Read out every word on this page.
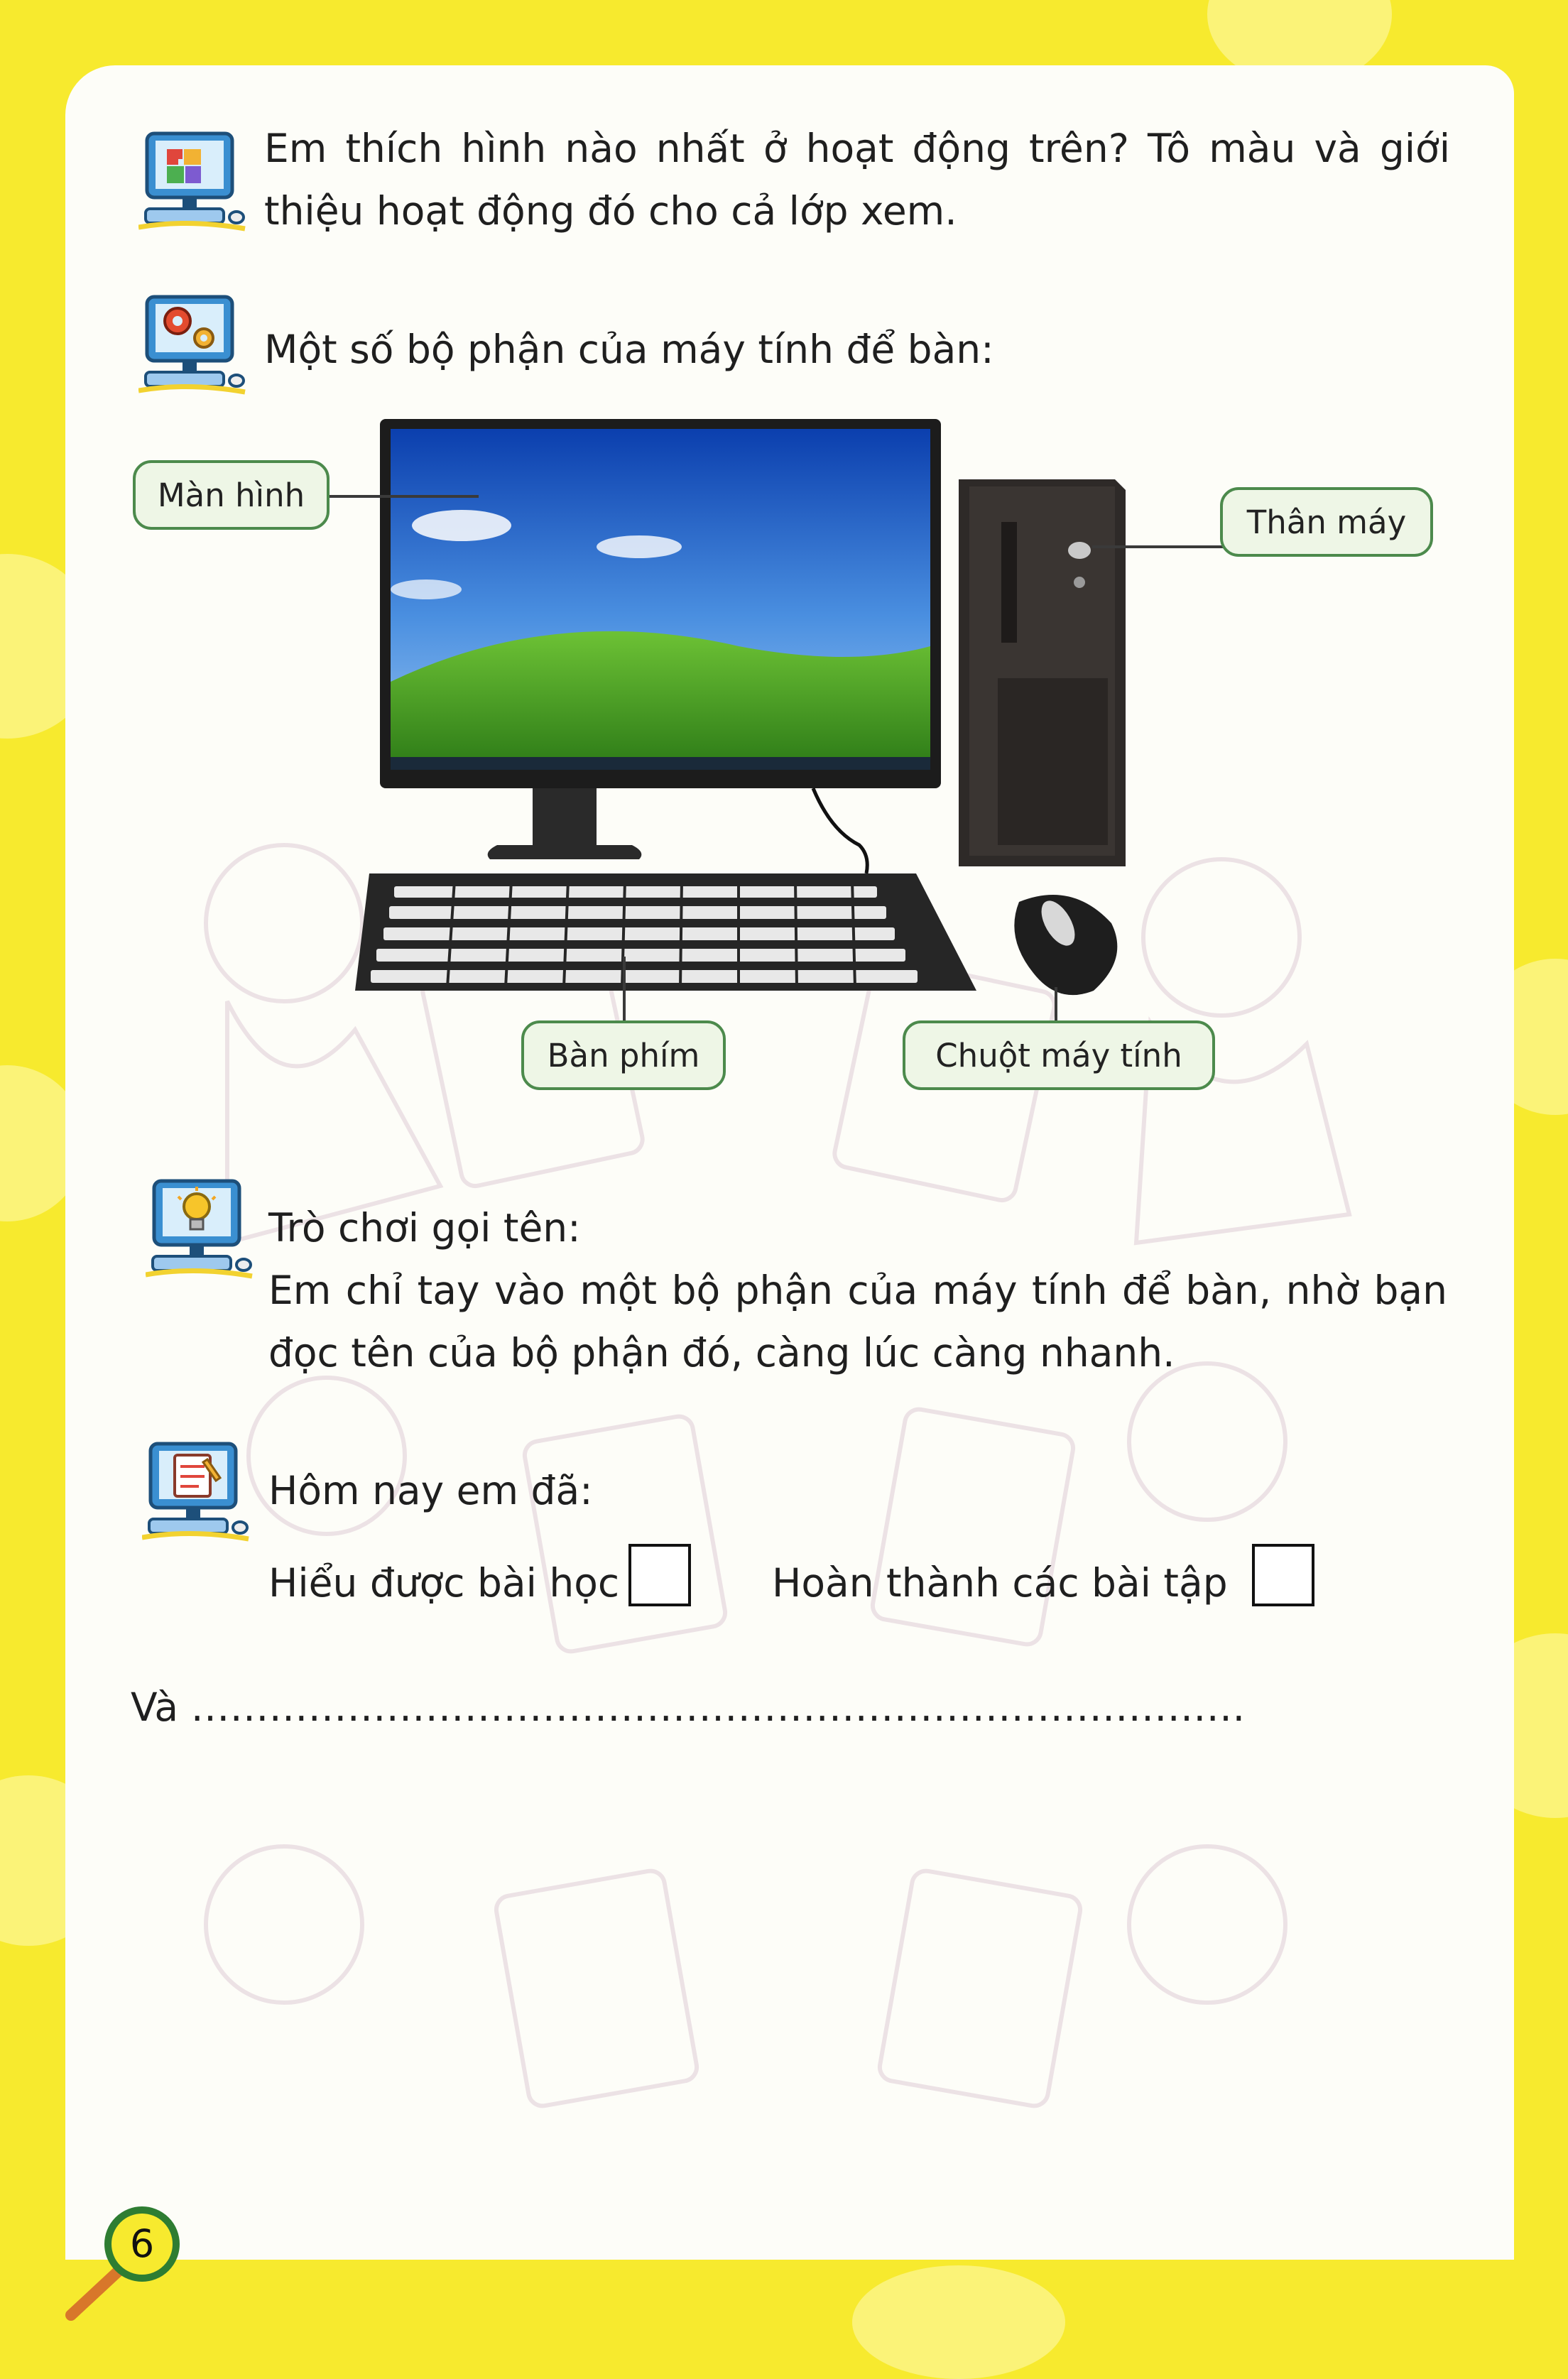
Em thích hình nào nhất ở hoạt động trên? Tô màu và giới
thiệu hoạt động đó cho cả lớp xem.
Một số bộ phận của máy tính để bàn:
Màn hình
Thân máy
Bàn phím	Chuột máy tính
Trò chơi gọi tên:
Em chỉ tay vào một bộ phận của máy tính để bàn, nhờ bạn
đọc tên của bộ phận đó, càng lúc càng nhanh.
Hôm nay em đã:
Hiểu được bài học	Hoàn thành các bài tập
Và ………………………………………………………………………
6
